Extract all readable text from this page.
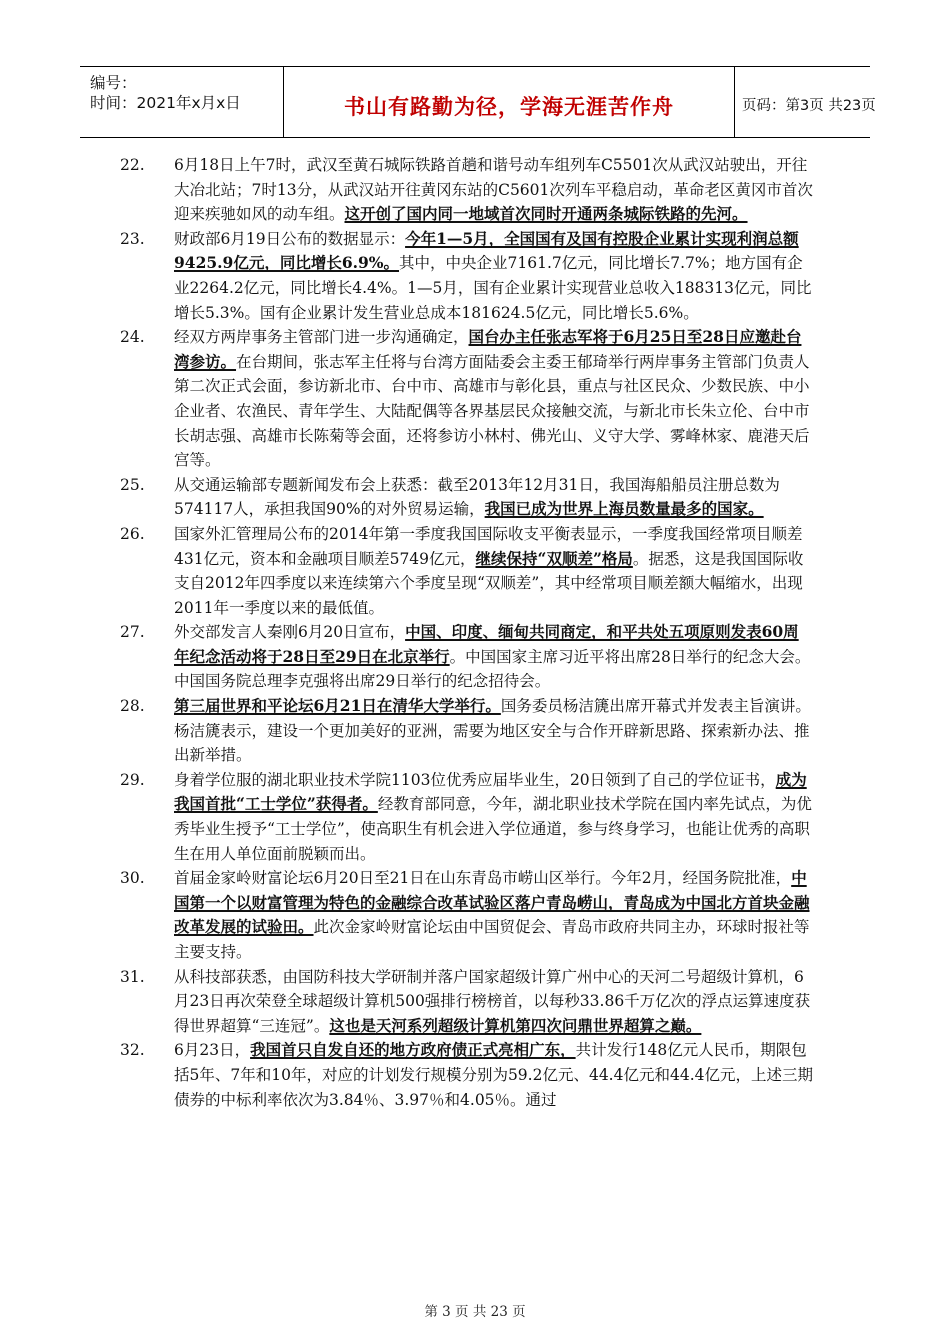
编号：
时间：2021年x月x日	书山有路勤为径，学海无涯苦作舟	页码：第3页 共23页
22. 6月18日上午7时，武汉至黄石城际铁路首趟和谐号动车组列车C5501次从武汉站驶出，开往大冶北站；7时13分，从武汉站开往黄冈东站的C5601次列车平稳启动，革命老区黄冈市首次迎来疾驰如风的动车组。这开创了国内同一地域首次同时开通两条城际铁路的先河。
23. 财政部6月19日公布的数据显示：今年1—5月，全国国有及国有控股企业累计实现利润总额9425.9亿元，同比增长6.9%。其中，中央企业7161.7亿元，同比增长7.7%；地方国有企业2264.2亿元，同比增长4.4%。1—5月，国有企业累计实现营业总收入188313亿元，同比增长5.3%。国有企业累计发生营业总成本181624.5亿元，同比增长5.6%。
24. 经双方两岸事务主管部门进一步沟通确定，国台办主任张志军将于6月25日至28日应邀赴台湾参访。在台期间，张志军主任将与台湾方面陆委会主委王郁琦举行两岸事务主管部门负责人第二次正式会面，参访新北市、台中市、高雄市与彰化县，重点与社区民众、少数民族、中小企业者、农渔民、青年学生、大陆配偶等各界基层民众接触交流，与新北市长朱立伦、台中市长胡志强、高雄市长陈菊等会面，还将参访小林村、佛光山、义守大学、雾峰林家、鹿港天后宫等。
25. 从交通运输部专题新闻发布会上获悉：截至2013年12月31日，我国海船船员注册总数为574117人，承担我国90%的对外贸易运输，我国已成为世界上海员数量最多的国家。
26. 国家外汇管理局公布的2014年第一季度我国国际收支平衡表显示，一季度我国经常项目顺差431亿元，资本和金融项目顺差5749亿元，继续保持“双顺差”格局。据悉，这是我国国际收支自2012年四季度以来连续第六个季度呈现“双顺差”，其中经常项目顺差额大幅缩水，出现2011年一季度以来的最低值。
27. 外交部发言人秦刚6月20日宣布，中国、印度、缅甸共同商定，和平共处五项原则发表60周年纪念活动将于28日至29日在北京举行。中国国家主席习近平将出席28日举行的纪念大会。中国国务院总理李克强将出席29日举行的纪念招待会。
28. 第三届世界和平论坛6月21日在清华大学举行。国务委员杨洁篪出席开幕式并发表主旨演讲。杨洁篪表示，建设一个更加美好的亚洲，需要为地区安全与合作开辟新思路、探索新办法、推出新举措。
29. 身着学位服的湖北职业技术学院1103位优秀应届毕业生，20日领到了自己的学位证书，成为我国首批“工士学位”获得者。经教育部同意，今年，湖北职业技术学院在国内率先试点，为优秀毕业生授予“工士学位”，使高职生有机会进入学位通道，参与终身学习，也能让优秀的高职生在用人单位面前脱颖而出。
30. 首届金家岭财富论坛6月20日至21日在山东青岛市崂山区举行。今年2月，经国务院批准，中国第一个以财富管理为特色的金融综合改革试验区落户青岛崂山，青岛成为中国北方首块金融改革发展的试验田。此次金家岭财富论坛由中国贸促会、青岛市政府共同主办，环球时报社等主要支持。
31. 从科技部获悉，由国防科技大学研制并落户国家超级计算广州中心的天河二号超级计算机，6月23日再次荣登全球超级计算机500强排行榜榜首，以每秒33.86千万亿次的浮点运算速度获得世界超算“三连冠”。这也是天河系列超级计算机第四次问鼎世界超算之巅。
32. 6月23日，我国首只自发自还的地方政府债正式亮相广东，共计发行148亿元人民币，期限包括5年、7年和10年，对应的计划发行规模分别为59.2亿元、44.4亿元和44.4亿元，上述三期债券的中标利率依次为3.84％、3.97％和4.05％。通过
第 3 页 共 23 页
